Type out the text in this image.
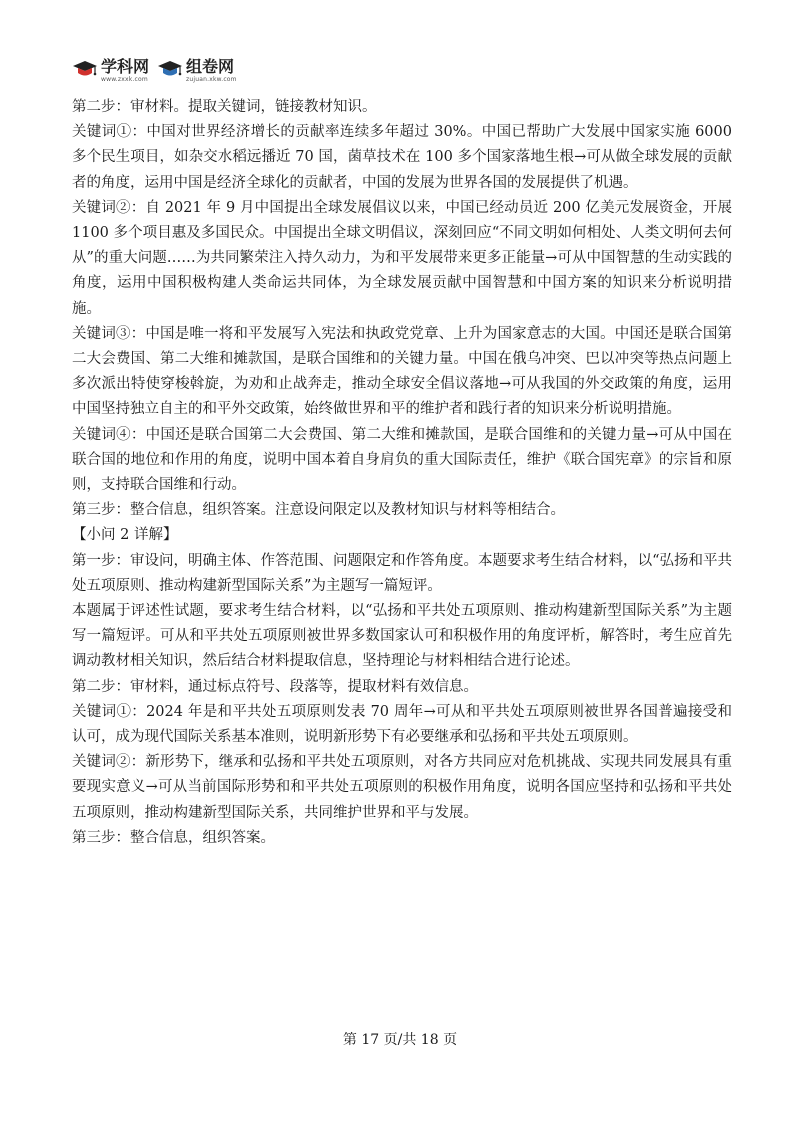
学科网
www.zxxk.com
组卷网
zujuan.xkw.com

第二步：审材料。提取关键词，链接教材知识。

关键词①：中国对世界经济增长的贡献率连续多年超过 30%。中国已帮助广大发展中国家实施 6000 多个民生项目，如杂交水稻远播近 70 国，菌草技术在 100 多个国家落地生根→可从做全球发展的贡献者的角度，运用中国是经济全球化的贡献者，中国的发展为世界各国的发展提供了机遇。

关键词②：自 2021 年 9 月中国提出全球发展倡议以来，中国已经动员近 200 亿美元发展资金，开展 1100 多个项目惠及多国民众。中国提出全球文明倡议，深刻回应“不同文明如何相处、人类文明何去何从”的重大问题……为共同繁荣注入持久动力，为和平发展带来更多正能量→可从中国智慧的生动实践的角度，运用中国积极构建人类命运共同体，为全球发展贡献中国智慧和中国方案的知识来分析说明措施。

关键词③：中国是唯一将和平发展写入宪法和执政党党章、上升为国家意志的大国。中国还是联合国第二大会费国、第二大维和摊款国，是联合国维和的关键力量。中国在俄乌冲突、巴以冲突等热点问题上多次派出特使穿梭斡旋，为劝和止战奔走，推动全球安全倡议落地→可从我国的外交政策的角度，运用中国坚持独立自主的和平外交政策，始终做世界和平的维护者和践行者的知识来分析说明措施。

关键词④：中国还是联合国第二大会费国、第二大维和摊款国，是联合国维和的关键力量→可从中国在联合国的地位和作用的角度，说明中国本着自身肩负的重大国际责任，维护《联合国宪章》的宗旨和原则，支持联合国维和行动。

第三步：整合信息，组织答案。注意设问限定以及教材知识与材料等相结合。

【小问 2 详解】

第一步：审设问，明确主体、作答范围、问题限定和作答角度。本题要求考生结合材料，以“弘扬和平共处五项原则、推动构建新型国际关系”为主题写一篇短评。

本题属于评述性试题，要求考生结合材料，以“弘扬和平共处五项原则、推动构建新型国际关系”为主题写一篇短评。可从和平共处五项原则被世界多数国家认可和积极作用的角度评析，解答时，考生应首先调动教材相关知识，然后结合材料提取信息，坚持理论与材料相结合进行论述。

第二步：审材料，通过标点符号、段落等，提取材料有效信息。

关键词①：2024 年是和平共处五项原则发表 70 周年→可从和平共处五项原则被世界各国普遍接受和认可，成为现代国际关系基本准则，说明新形势下有必要继承和弘扬和平共处五项原则。

关键词②：新形势下，继承和弘扬和平共处五项原则，对各方共同应对危机挑战、实现共同发展具有重要现实意义→可从当前国际形势和和平共处五项原则的积极作用角度，说明各国应坚持和弘扬和平共处五项原则，推动构建新型国际关系，共同维护世界和平与发展。

第三步：整合信息，组织答案。

第 17 页/共 18 页
